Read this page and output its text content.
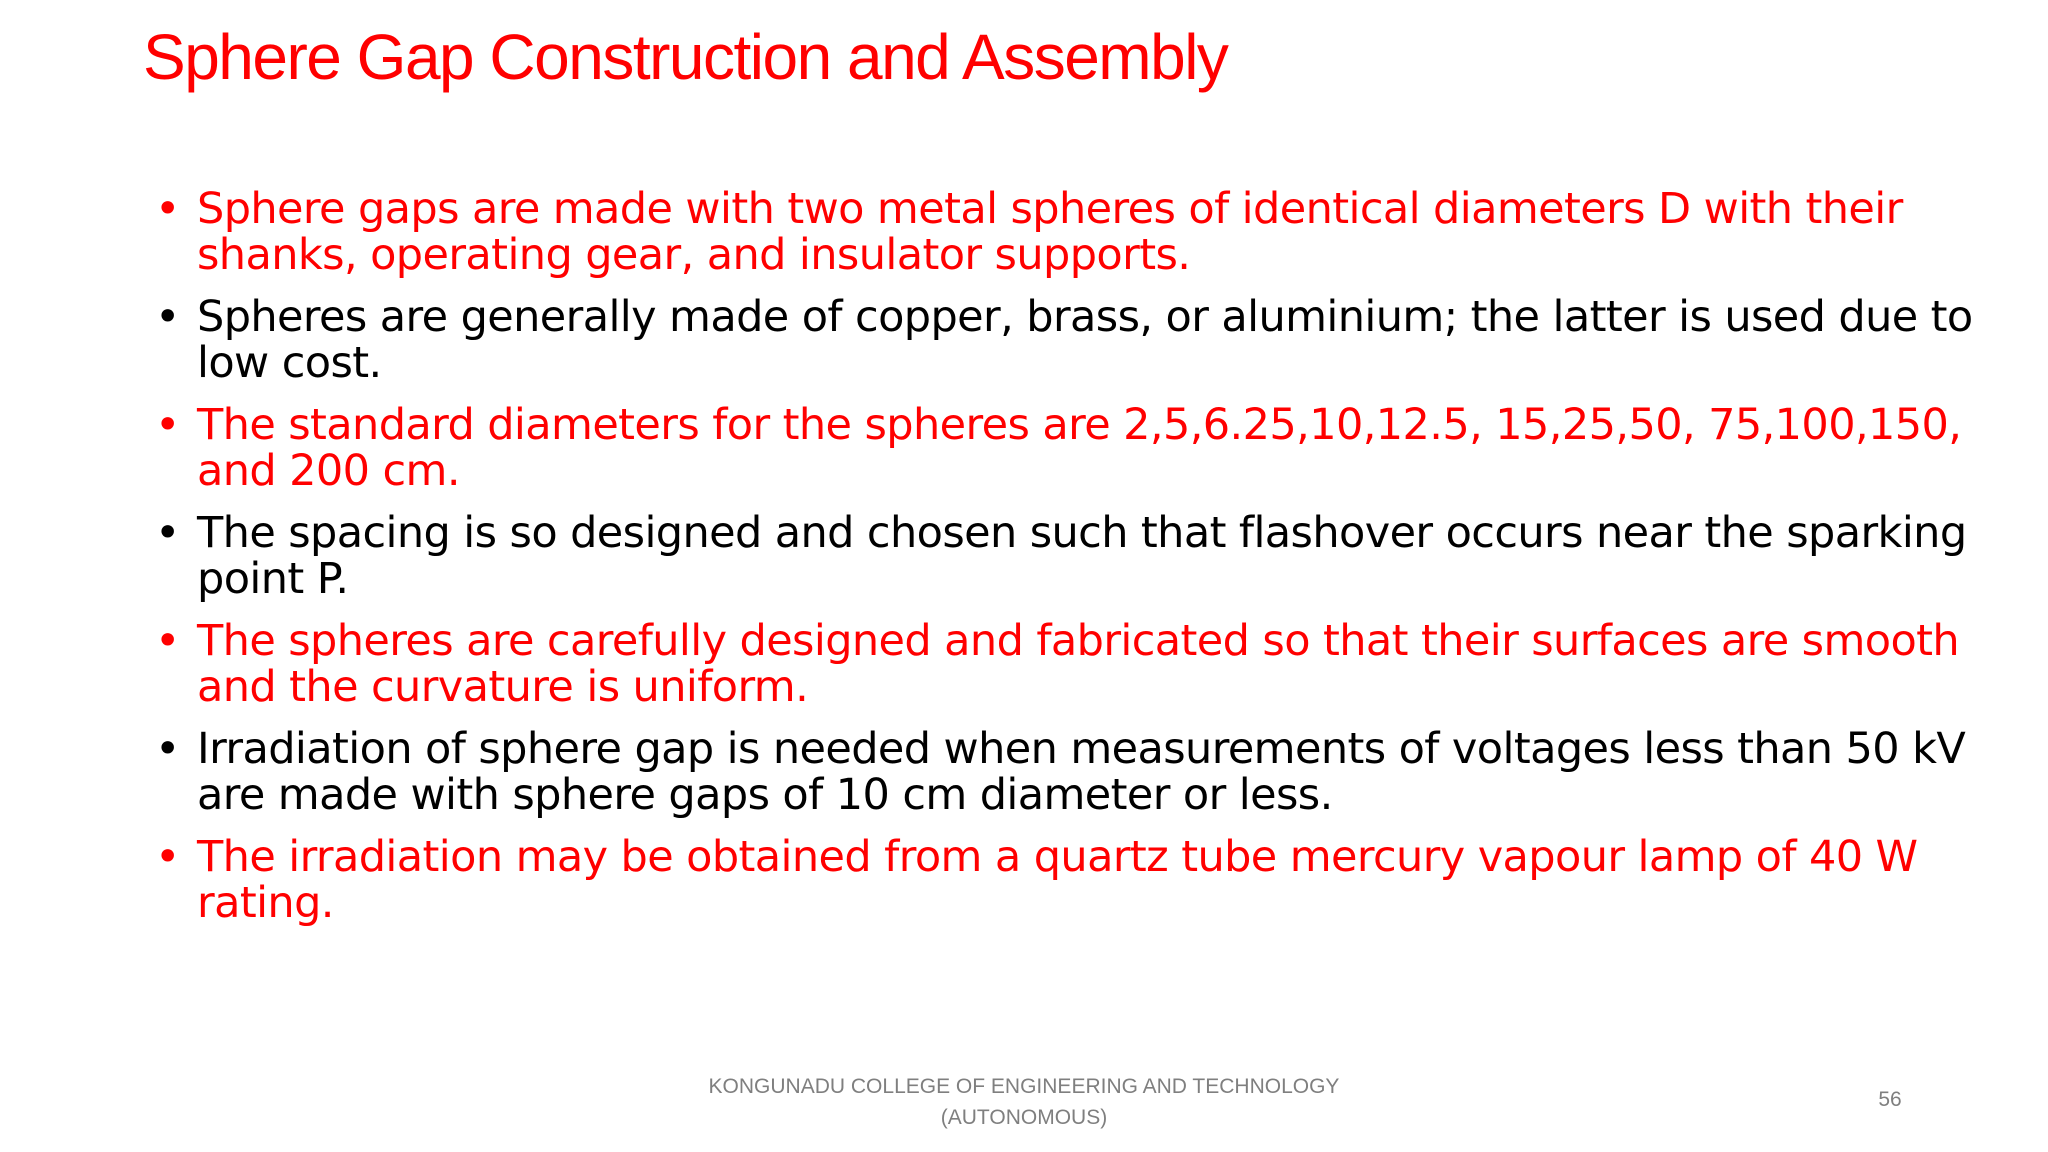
Sphere Gap Construction and Assembly
• Sphere gaps are made with two metal spheres of identical diameters D with their shanks, operating gear, and insulator supports.
• Spheres are generally made of copper, brass, or aluminium; the latter is used due to low cost.
• The standard diameters for the spheres are 2,5,6.25,10,12.5, 15,25,50, 75,100,150, and 200 cm.
• The spacing is so designed and chosen such that flashover occurs near the sparking point P.
• The spheres are carefully designed and fabricated so that their surfaces are smooth and the curvature is uniform.
• Irradiation of sphere gap is needed when measurements of voltages less than 50 kV are made with sphere gaps of 10 cm diameter or less.
• The irradiation may be obtained from a quartz tube mercury vapour lamp of 40 W rating.
KONGUNADU COLLEGE OF ENGINEERING AND TECHNOLOGY
(AUTONOMOUS)
56
